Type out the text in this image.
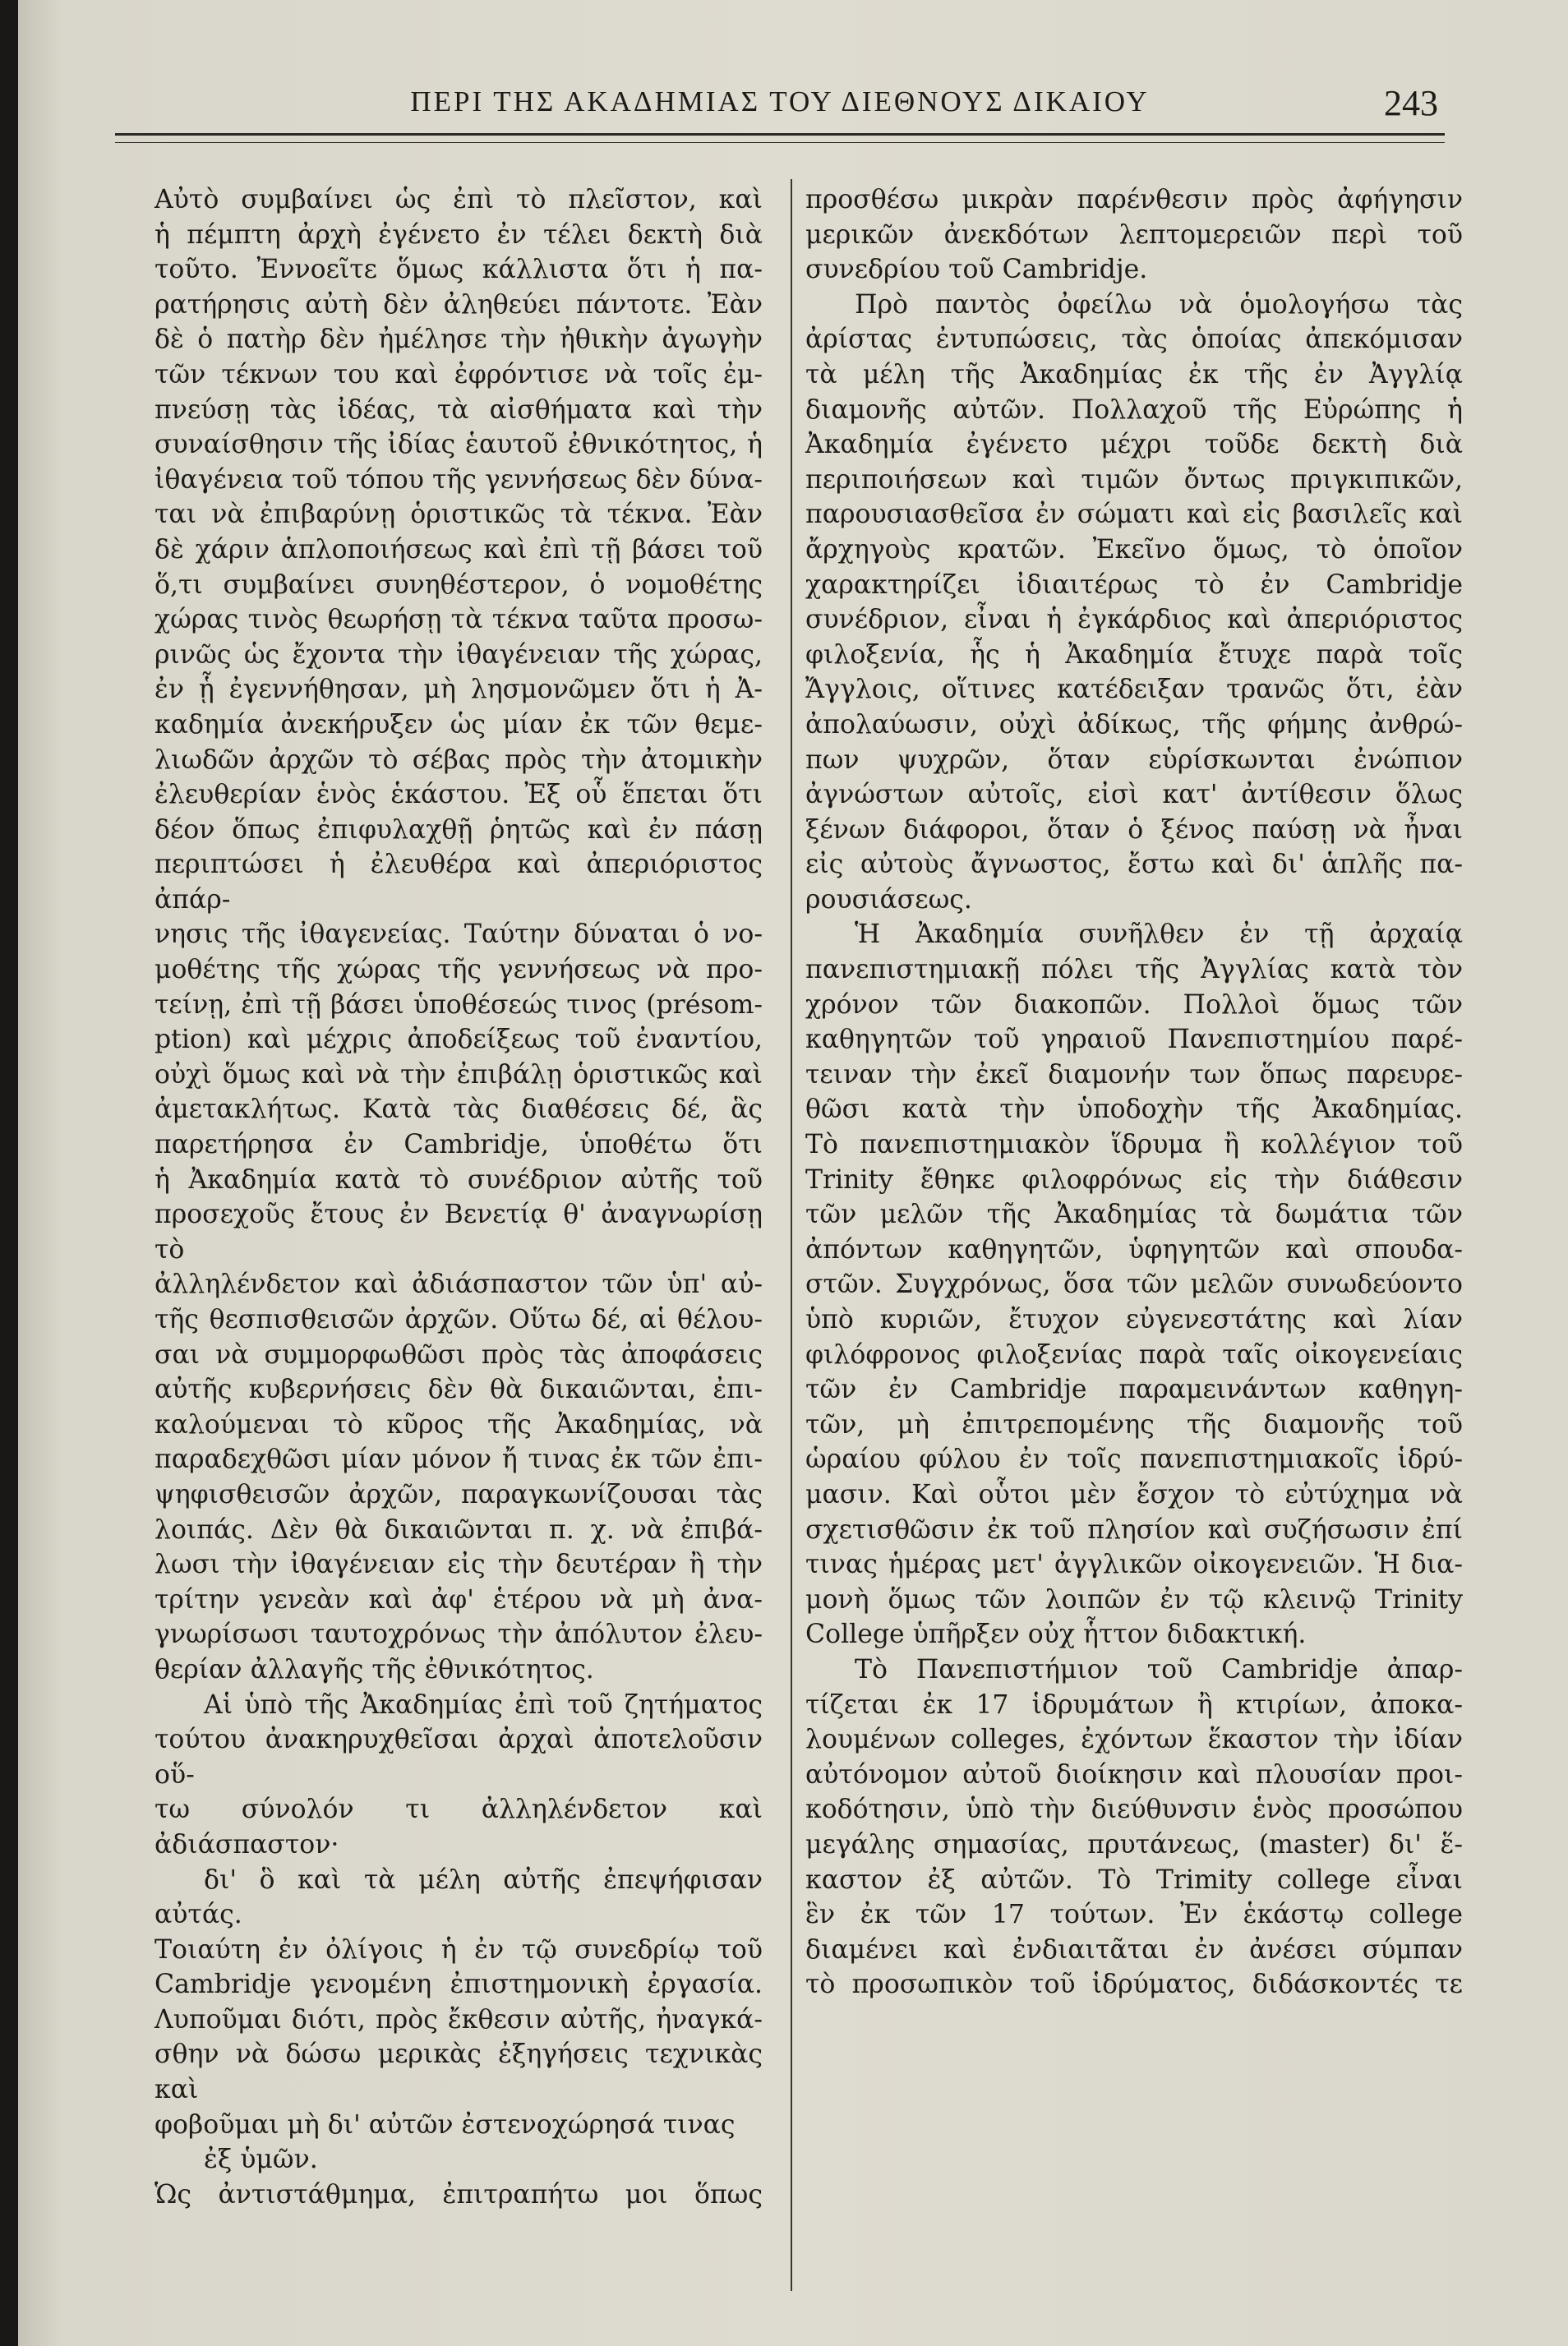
ΠΕΡΙ ΤΗΣ ΑΚΑΔΗΜΙΑΣ ΤΟΥ ΔΙΕΘΝΟΥΣ ΔΙΚΑΙΟΥ	243

Αὐτὸ συμβαίνει ὡς ἐπὶ τὸ πλεῖστον, καὶ

ἡ πέμπτη ἀρχὴ ἐγένετο ἐν τέλει δεκτὴ διὰ

τοῦτο. Ἐννοεῖτε ὅμως κάλλιστα ὅτι ἡ πα-

ρατήρησις αὐτὴ δὲν ἀληθεύει πάντοτε. Ἐὰν

δὲ ὁ πατὴρ δὲν ἠμέλησε τὴν ἠθικὴν ἀγωγὴν

τῶν τέκνων του καὶ ἐφρόντισε νὰ τοῖς ἐμ-

πνεύσῃ τὰς ἰδέας, τὰ αἰσθήματα καὶ τὴν

συναίσθησιν τῆς ἰδίας ἑαυτοῦ ἐθνικότητος, ἡ

ἰθαγένεια τοῦ τόπου τῆς γεννήσεως δὲν δύνα-

ται νὰ ἐπιβαρύνῃ ὁριστικῶς τὰ τέκνα. Ἐὰν

δὲ χάριν ἁπλοποιήσεως καὶ ἐπὶ τῇ βάσει τοῦ

ὅ,τι συμβαίνει συνηθέστερον, ὁ νομοθέτης

χώρας τινὸς θεωρήσῃ τὰ τέκνα ταῦτα προσω-

ρινῶς ὡς ἔχοντα τὴν ἰθαγένειαν τῆς χώρας,

ἐν ᾗ ἐγεννήθησαν, μὴ λησμονῶμεν ὅτι ἡ Ἀ-

καδημία ἀνεκήρυξεν ὡς μίαν ἐκ τῶν θεμε-

λιωδῶν ἀρχῶν τὸ σέβας πρὸς τὴν ἀτομικὴν

ἐλευθερίαν ἑνὸς ἑκάστου. Ἐξ οὗ ἕπεται ὅτι

δέον ὅπως ἐπιφυλαχθῇ ῥητῶς καὶ ἐν πάσῃ

περιπτώσει ἡ ἐλευθέρα καὶ ἀπεριόριστος ἀπάρ-

νησις τῆς ἰθαγενείας. Ταύτην δύναται ὁ νο-

μοθέτης τῆς χώρας τῆς γεννήσεως νὰ προ-

τείνῃ, ἐπὶ τῇ βάσει ὑποθέσεώς τινος (présom-

ption) καὶ μέχρις ἀποδείξεως τοῦ ἐναντίου,

οὐχὶ ὅμως καὶ νὰ τὴν ἐπιβάλῃ ὁριστικῶς καὶ

ἀμετακλήτως. Κατὰ τὰς διαθέσεις δέ, ἃς

παρετήρησα ἐν Cambridje, ὑποθέτω ὅτι

ἡ Ἀκαδημία κατὰ τὸ συνέδριον αὐτῆς τοῦ

προσεχοῦς ἔτους ἐν Βενετίᾳ θ' ἀναγνωρίσῃ τὸ

ἀλληλένδετον καὶ ἀδιάσπαστον τῶν ὑπ' αὐ-

τῆς θεσπισθεισῶν ἀρχῶν. Οὕτω δέ, αἱ θέλου-

σαι νὰ συμμορφωθῶσι πρὸς τὰς ἀποφάσεις

αὐτῆς κυβερνήσεις δὲν θὰ δικαιῶνται, ἐπι-

καλούμεναι τὸ κῦρος τῆς Ἀκαδημίας, νὰ

παραδεχθῶσι μίαν μόνον ἤ τινας ἐκ τῶν ἐπι-

ψηφισθεισῶν ἀρχῶν, παραγκωνίζουσαι τὰς

λοιπάς. Δὲν θὰ δικαιῶνται π. χ. νὰ ἐπιβά-

λωσι τὴν ἰθαγένειαν εἰς τὴν δευτέραν ἢ τὴν

τρίτην γενεὰν καὶ ἀφ' ἑτέρου νὰ μὴ ἀνα-

γνωρίσωσι ταυτοχρόνως τὴν ἀπόλυτον ἐλευ-

θερίαν ἀλλαγῆς τῆς ἐθνικότητος.

Αἱ ὑπὸ τῆς Ἀκαδημίας ἐπὶ τοῦ ζητήματος

τούτου ἀνακηρυχθεῖσαι ἀρχαὶ ἀποτελοῦσιν οὕ-

τω σύνολόν τι ἀλληλένδετον καὶ ἀδιάσπαστον·

δι' ὃ καὶ τὰ μέλη αὐτῆς ἐπεψήφισαν αὐτάς.

Τοιαύτη ἐν ὀλίγοις ἡ ἐν τῷ συνεδρίῳ τοῦ

Cambridje γενομένη ἐπιστημονικὴ ἐργασία.

Λυποῦμαι διότι, πρὸς ἔκθεσιν αὐτῆς, ἠναγκά-

σθην νὰ δώσω μερικὰς ἐξηγήσεις τεχνικὰς καὶ

φοβοῦμαι μὴ δι' αὐτῶν ἐστενοχώρησά τινας

ἐξ ὑμῶν.

Ὡς ἀντιστάθμημα, ἐπιτραπήτω μοι ὅπως

προσθέσω μικρὰν παρένθεσιν πρὸς ἀφήγησιν

μερικῶν ἀνεκδότων λεπτομερειῶν περὶ τοῦ

συνεδρίου τοῦ Cambridje.

Πρὸ παντὸς ὀφείλω νὰ ὁμολογήσω τὰς

ἀρίστας ἐντυπώσεις, τὰς ὁποίας ἀπεκόμισαν

τὰ μέλη τῆς Ἀκαδημίας ἐκ τῆς ἐν Ἀγγλίᾳ

διαμονῆς αὐτῶν. Πολλαχοῦ τῆς Εὐρώπης ἡ

Ἀκαδημία ἐγένετο μέχρι τοῦδε δεκτὴ διὰ

περιποιήσεων καὶ τιμῶν ὄντως πριγκιπικῶν,

παρουσιασθεῖσα ἐν σώματι καὶ εἰς βασιλεῖς καὶ

ἄρχηγοὺς κρατῶν. Ἐκεῖνο ὅμως, τὸ ὁποῖον

χαρακτηρίζει ἰδιαιτέρως τὸ ἐν Cambridje

συνέδριον, εἶναι ἡ ἐγκάρδιος καὶ ἀπεριόριστος

φιλοξενία, ἧς ἡ Ἀκαδημία ἔτυχε παρὰ τοῖς

Ἄγγλοις, οἵτινες κατέδειξαν τρανῶς ὅτι, ἐὰν

ἀπολαύωσιν, οὐχὶ ἀδίκως, τῆς φήμης ἀνθρώ-

πων ψυχρῶν, ὅταν εὑρίσκωνται ἐνώπιον

ἀγνώστων αὐτοῖς, εἰσὶ κατ' ἀντίθεσιν ὅλως

ξένων διάφοροι, ὅταν ὁ ξένος παύσῃ νὰ ἦναι

εἰς αὐτοὺς ἄγνωστος, ἔστω καὶ δι' ἁπλῆς πα-

ρουσιάσεως.

Ἡ Ἀκαδημία συνῆλθεν ἐν τῇ ἀρχαίᾳ

πανεπιστημιακῇ πόλει τῆς Ἀγγλίας κατὰ τὸν

χρόνον τῶν διακοπῶν. Πολλοὶ ὅμως τῶν

καθηγητῶν τοῦ γηραιοῦ Πανεπιστημίου παρέ-

τειναν τὴν ἐκεῖ διαμονήν των ὅπως παρευρε-

θῶσι κατὰ τὴν ὑποδοχὴν τῆς Ἀκαδημίας.

Τὸ πανεπιστημιακὸν ἵδρυμα ἢ κολλέγιον τοῦ

Trinity ἔθηκε φιλοφρόνως εἰς τὴν διάθεσιν

τῶν μελῶν τῆς Ἀκαδημίας τὰ δωμάτια τῶν

ἀπόντων καθηγητῶν, ὑφηγητῶν καὶ σπουδα-

στῶν. Συγχρόνως, ὅσα τῶν μελῶν συνωδεύοντο

ὑπὸ κυριῶν, ἔτυχον εὐγενεστάτης καὶ λίαν

φιλόφρονος φιλοξενίας παρὰ ταῖς οἰκογενείαις

τῶν ἐν Cambridje παραμεινάντων καθηγη-

τῶν, μὴ ἐπιτρεπομένης τῆς διαμονῆς τοῦ

ὡραίου φύλου ἐν τοῖς πανεπιστημιακοῖς ἱδρύ-

μασιν. Καὶ οὗτοι μὲν ἔσχον τὸ εὐτύχημα νὰ

σχετισθῶσιν ἐκ τοῦ πλησίον καὶ συζήσωσιν ἐπί

τινας ἡμέρας μετ' ἀγγλικῶν οἰκογενειῶν. Ἡ δια-

μονὴ ὅμως τῶν λοιπῶν ἐν τῷ κλεινῷ Trinity

College ὑπῆρξεν οὐχ ἧττον διδακτική.

Τὸ Πανεπιστήμιον τοῦ Cambridje ἀπαρ-

τίζεται ἐκ 17 ἱδρυμάτων ἢ κτιρίων, ἀποκα-

λουμένων colleges, ἐχόντων ἕκαστον τὴν ἰδίαν

αὐτόνομον αὐτοῦ διοίκησιν καὶ πλουσίαν προι-

κοδότησιν, ὑπὸ τὴν διεύθυνσιν ἑνὸς προσώπου

μεγάλης σημασίας, πρυτάνεως, (master) δι' ἕ-

καστον ἐξ αὐτῶν. Τὸ Trimity college εἶναι

ἓν ἐκ τῶν 17 τούτων. Ἐν ἑκάστῳ college

διαμένει καὶ ἐνδιαιτᾶται ἐν ἀνέσει σύμπαν

τὸ προσωπικὸν τοῦ ἱδρύματος, διδάσκοντές τε
